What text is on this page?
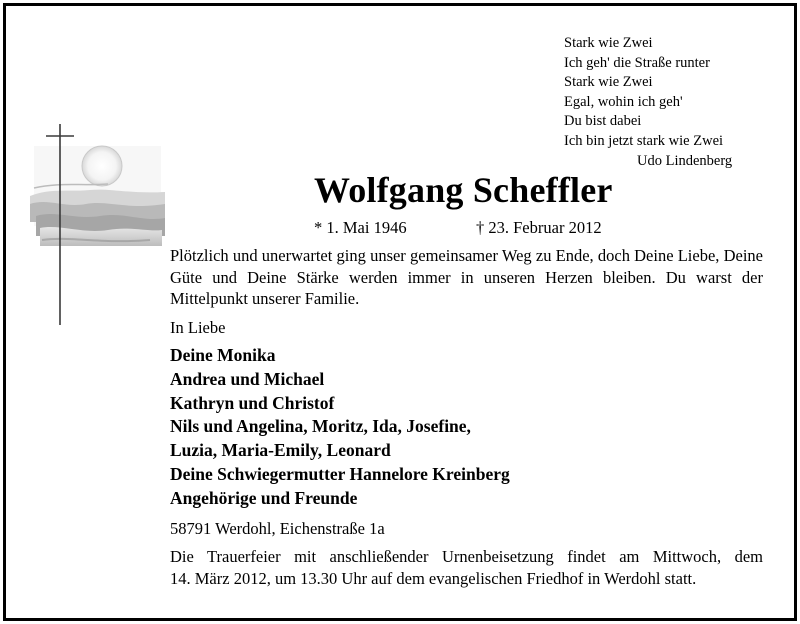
Stark wie Zwei
Ich geh' die Straße runter
Stark wie Zwei
Egal, wohin ich geh'
Du bist dabei
Ich bin jetzt stark wie Zwei
Udo Lindenberg
Wolfgang Scheffler
* 1. Mai 1946	† 23. Februar 2012
Plötzlich und unerwartet ging unser gemeinsamer Weg zu Ende, doch Deine Liebe, Deine Güte und Deine Stärke werden immer in unseren Herzen bleiben. Du warst der Mittelpunkt unserer Familie.
In Liebe
Deine Monika
Andrea und Michael
Kathryn und Christof
Nils und Angelina, Moritz, Ida, Josefine,
Luzia, Maria-Emily, Leonard
Deine Schwiegermutter Hannelore Kreinberg
Angehörige und Freunde
58791 Werdohl, Eichenstraße 1a
Die Trauerfeier mit anschließender Urnenbeisetzung findet am Mittwoch, dem
14. März 2012, um 13.30 Uhr auf dem evangelischen Friedhof in Werdohl statt.
